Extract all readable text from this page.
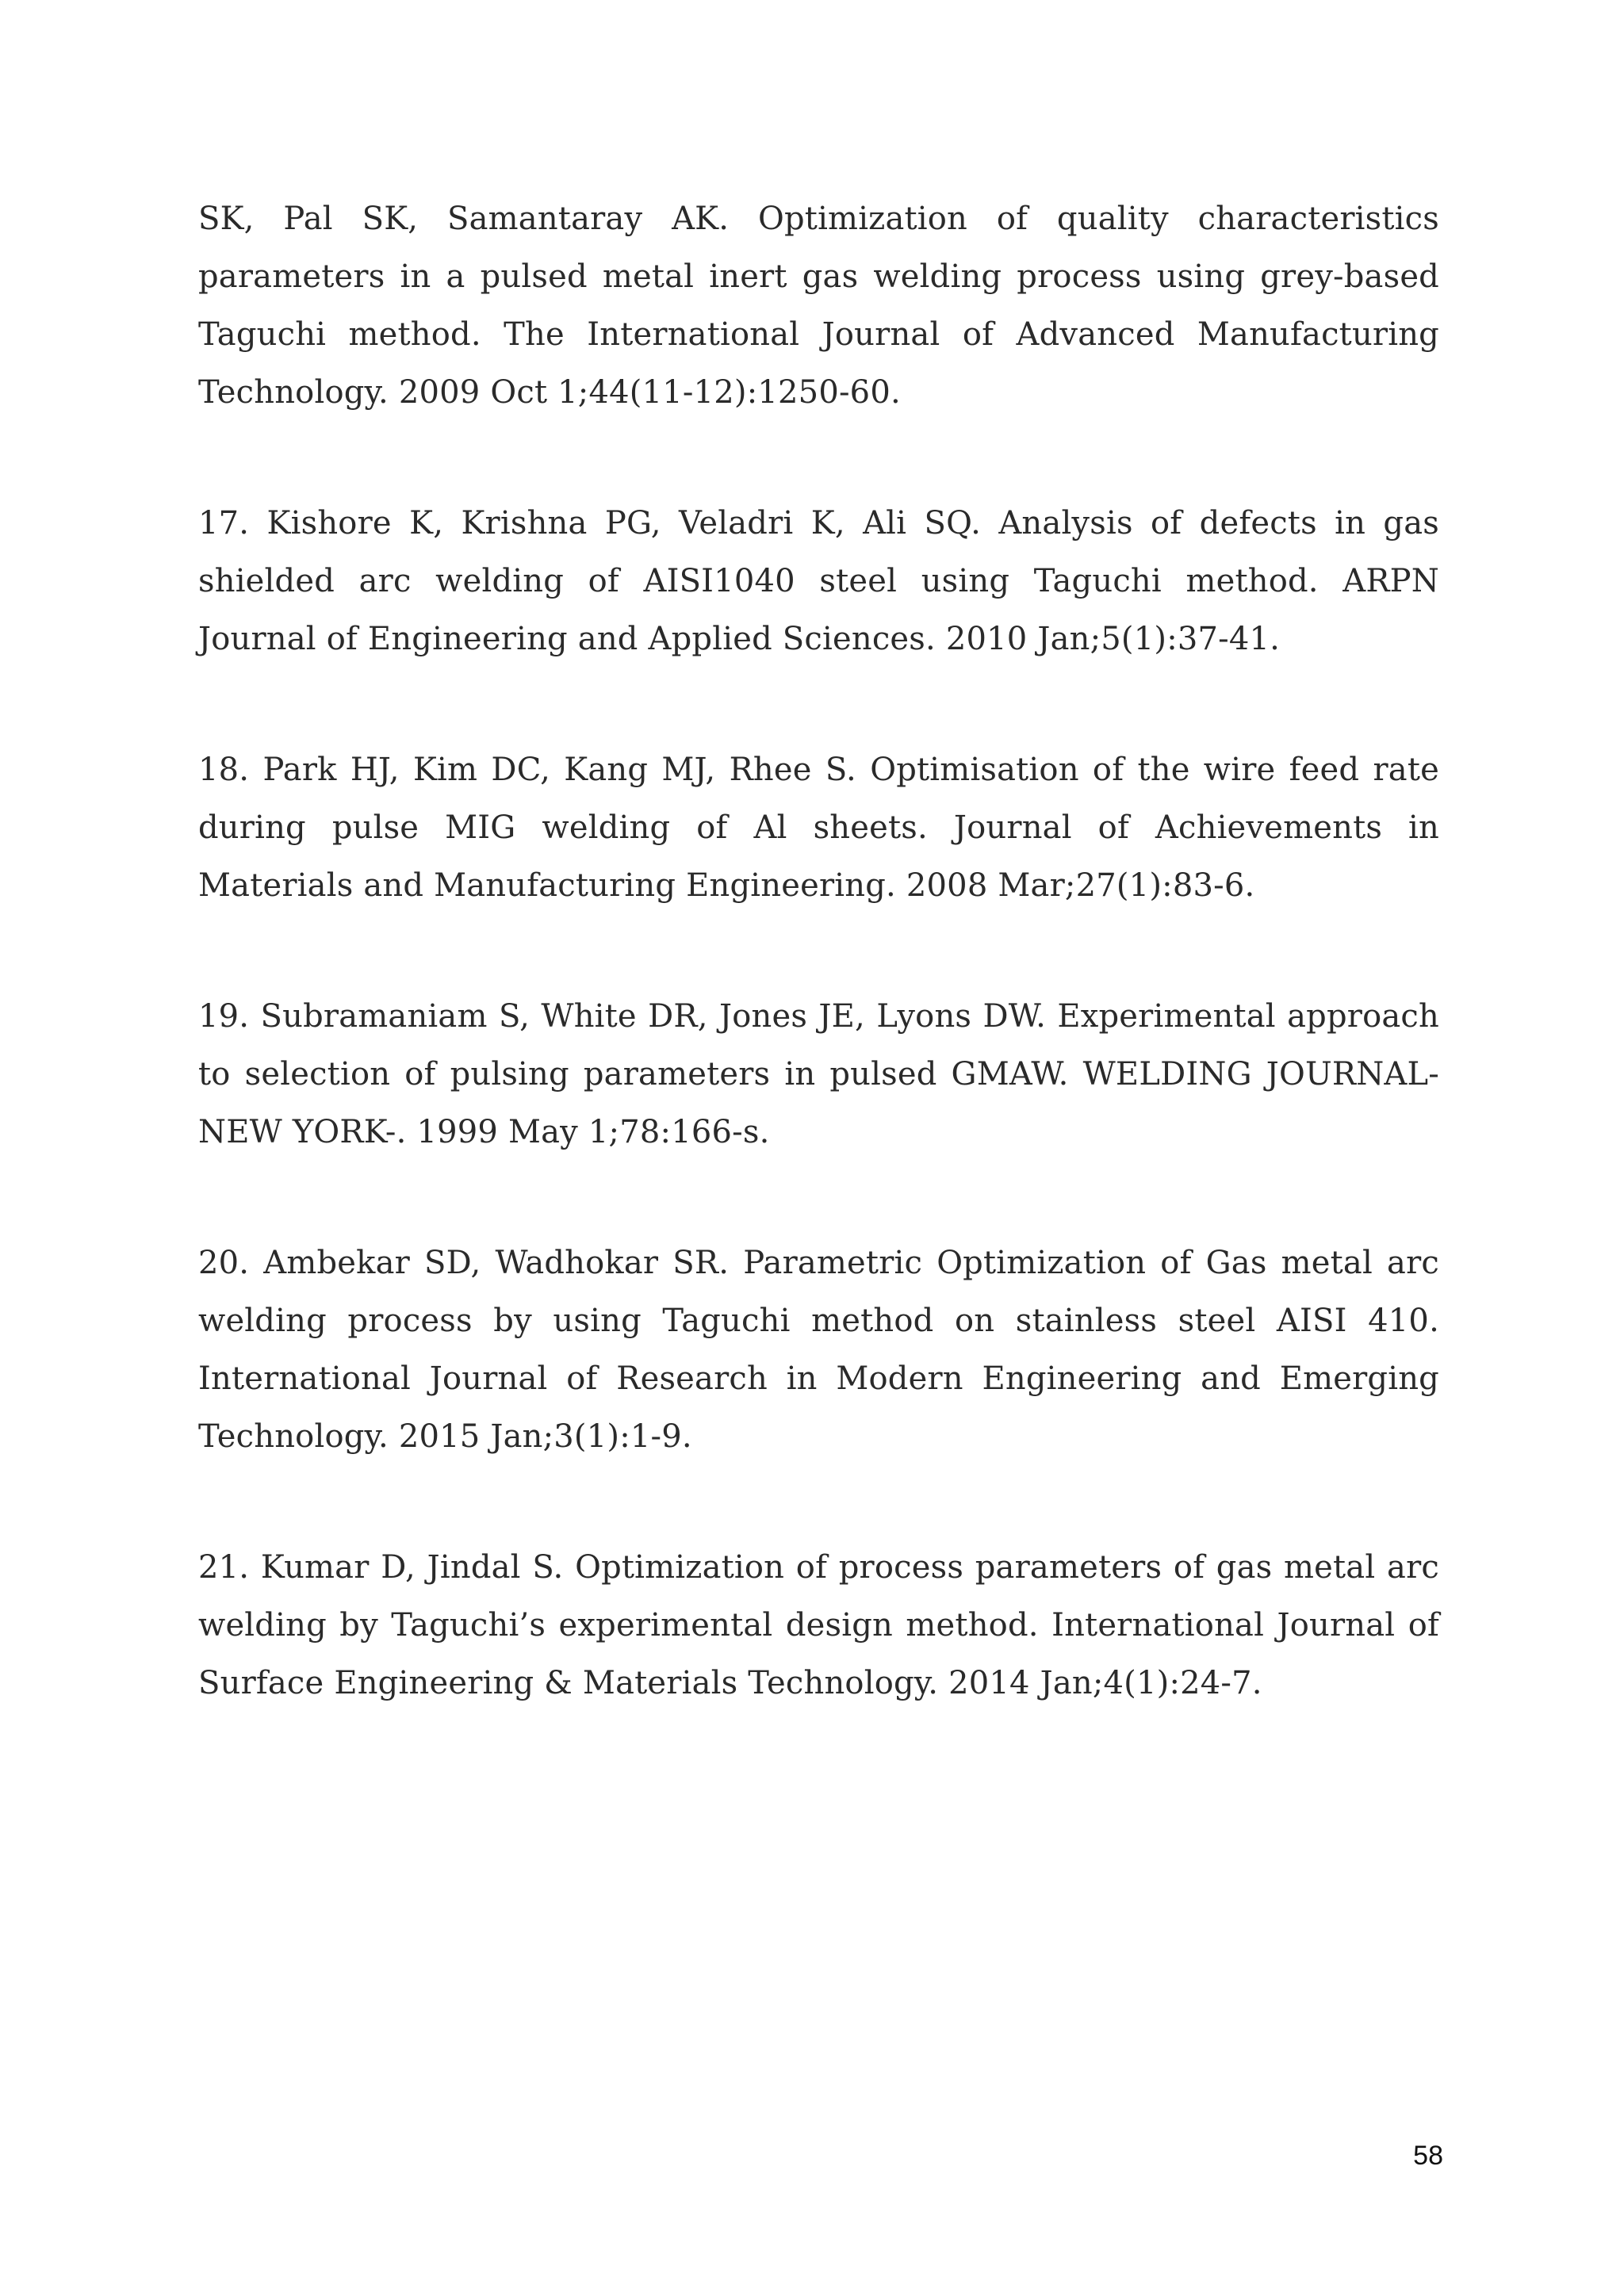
SK, Pal SK, Samantaray AK. Optimization of quality characteristics parameters in a pulsed metal inert gas welding process using grey-based Taguchi method. The International Journal of Advanced Manufacturing Technology. 2009 Oct 1;44(11-12):1250-60.

17. Kishore K, Krishna PG, Veladri K, Ali SQ. Analysis of defects in gas shielded arc welding of AISI1040 steel using Taguchi method. ARPN Journal of Engineering and Applied Sciences. 2010 Jan;5(1):37-41.

18. Park HJ, Kim DC, Kang MJ, Rhee S. Optimisation of the wire feed rate during pulse MIG welding of Al sheets. Journal of Achievements in Materials and Manufacturing Engineering. 2008 Mar;27(1):83-6.

19. Subramaniam S, White DR, Jones JE, Lyons DW. Experimental approach to selection of pulsing parameters in pulsed GMAW. WELDING JOURNAL-NEW YORK-. 1999 May 1;78:166-s.

20. Ambekar SD, Wadhokar SR. Parametric Optimization of Gas metal arc welding process by using Taguchi method on stainless steel AISI 410. International Journal of Research in Modern Engineering and Emerging Technology. 2015 Jan;3(1):1-9.

21. Kumar D, Jindal S. Optimization of process parameters of gas metal arc welding by Taguchi’s experimental design method. International Journal of Surface Engineering & Materials Technology. 2014 Jan;4(1):24-7.

58
